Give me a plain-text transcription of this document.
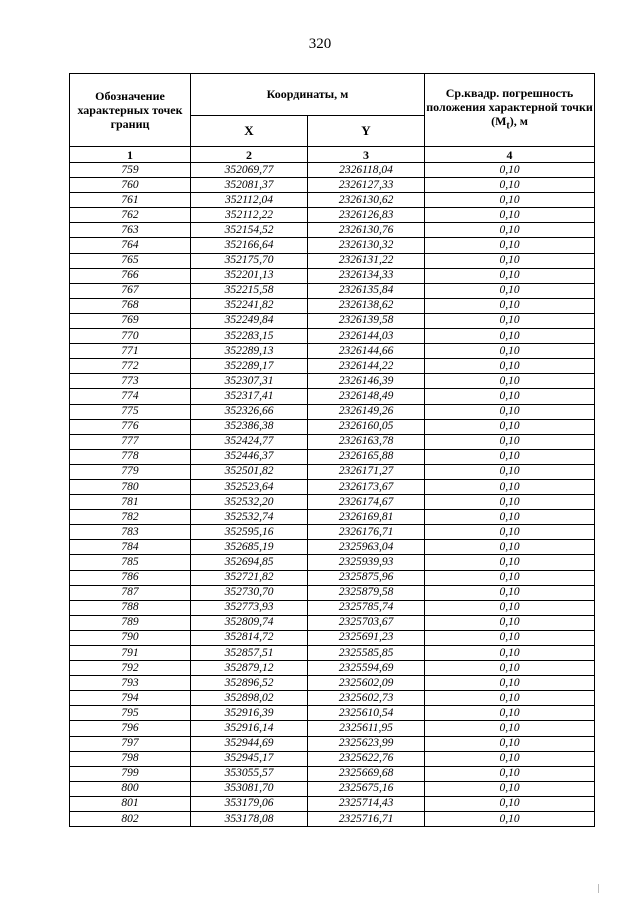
320
Обозначение характерных точек границ	Координаты, м		Ср.квадр. погрешность положения характерной точки $(M_t)$, м
	X	Y	
1	2	3	4
759	352069,77	2326118,04	0,10
760	352081,37	2326127,33	0,10
761	352112,04	2326130,62	0,10
762	352112,22	2326126,83	0,10
763	352154,52	2326130,76	0,10
764	352166,64	2326130,32	0,10
765	352175,70	2326131,22	0,10
766	352201,13	2326134,33	0,10
767	352215,58	2326135,84	0,10
768	352241,82	2326138,62	0,10
769	352249,84	2326139,58	0,10
770	352283,15	2326144,03	0,10
771	352289,13	2326144,66	0,10
772	352289,17	2326144,22	0,10
773	352307,31	2326146,39	0,10
774	352317,41	2326148,49	0,10
775	352326,66	2326149,26	0,10
776	352386,38	2326160,05	0,10
777	352424,77	2326163,78	0,10
778	352446,37	2326165,88	0,10
779	352501,82	2326171,27	0,10
780	352523,64	2326173,67	0,10
781	352532,20	2326174,67	0,10
782	352532,74	2326169,81	0,10
783	352595,16	2326176,71	0,10
784	352685,19	2325963,04	0,10
785	352694,85	2325939,93	0,10
786	352721,82	2325875,96	0,10
787	352730,70	2325879,58	0,10
788	352773,93	2325785,74	0,10
789	352809,74	2325703,67	0,10
790	352814,72	2325691,23	0,10
791	352857,51	2325585,85	0,10
792	352879,12	2325594,69	0,10
793	352896,52	2325602,09	0,10
794	352898,02	2325602,73	0,10
795	352916,39	2325610,54	0,10
796	352916,14	2325611,95	0,10
797	352944,69	2325623,99	0,10
798	352945,17	2325622,76	0,10
799	353055,57	2325669,68	0,10
800	353081,70	2325675,16	0,10
801	353179,06	2325714,43	0,10
802	353178,08	2325716,71	0,10
